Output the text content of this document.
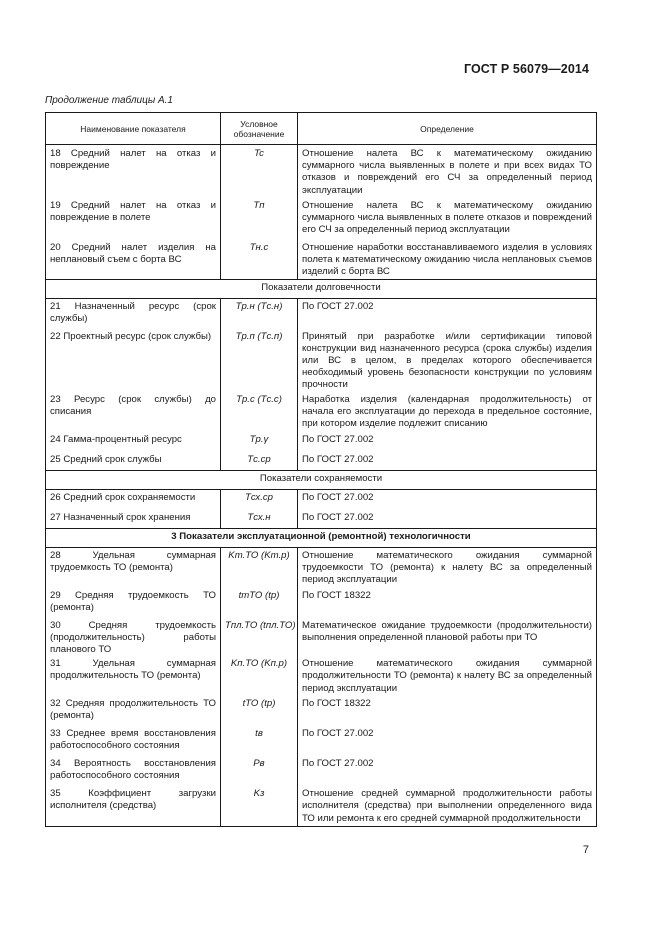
ГОСТ Р 56079—2014
Продолжение таблицы А.1
Наименование показателя	Условное обозначение	Определение
18 Средний налет на отказ и повреждение	Tc	Отношение налета ВС к математическому ожиданию суммарного числа выявленных в полете и при всех видах ТО отказов и повреждений его СЧ за определенный период эксплуатации
19 Средний налет на отказ и повреждение в полете	Tп	Отношение налета ВС к математическому ожиданию суммарного числа выявленных в полете отказов и повреждений его СЧ за определенный период эксплуатации
20 Средний налет изделия на неплановый съем с борта ВС	Tн.с	Отношение наработки восстанавливаемого изделия в условиях полета к математическому ожиданию числа неплановых съемов изделий с борта ВС
Показатели долговечности		
21 Назначенный ресурс (срок службы)	Tр.н (Tс.н)	По ГОСТ 27.002
22 Проектный ресурс (срок службы)	Tр.п (Tс.п)	Принятый при разработке и/или сертификации типовой конструкции вид назначенного ресурса (срока службы) изделия или ВС в целом, в пределах которого обеспечивается необходимый уровень безопасности конструкции по условиям прочности
23 Ресурс (срок службы) до списания	Tр.с (Tс.с)	Наработка изделия (календарная продолжительность) от начала его эксплуатации до перехода в предельное состояние, при котором изделие подлежит списанию
24 Гамма-процентный ресурс	Tр.γ	По ГОСТ 27.002
25 Средний срок службы	Tс.ср	По ГОСТ 27.002
Показатели сохраняемости		
26 Средний срок сохраняемости	Tсх.ср	По ГОСТ 27.002
27 Назначенный срок хранения	Tсх.н	По ГОСТ 27.002
3 Показатели эксплуатационной (ремонтной) технологичности		
28 Удельная суммарная трудоемкость ТО (ремонта)	Kт.ТО (Kт.р)	Отношение математического ожидания суммарной трудоемкости ТО (ремонта) к налету ВС за определенный период эксплуатации
29 Средняя трудоемкость ТО (ремонта)	tтТО (tр)	По ГОСТ 18322
30 Средняя трудоемкость (продолжительность) работы планового ТО	Tпл.ТО (tпл.ТО)	Математическое ожидание трудоемкости (продолжительности) выполнения определенной плановой работы при ТО
31 Удельная суммарная продолжительность ТО (ремонта)	Kп.ТО (Kп.р)	Отношение математического ожидания суммарной продолжительности ТО (ремонта) к налету ВС за определенный период эксплуатации
32 Средняя продолжительность ТО (ремонта)	tТО (tр)	По ГОСТ 18322
33 Среднее время восстановления работоспособного состояния	tв	По ГОСТ 27.002
34 Вероятность восстановления работоспособного состояния	Pв	По ГОСТ 27.002
35 Коэффициент загрузки исполнителя (средства)	Kз	Отношение средней суммарной продолжительности работы исполнителя (средства) при выполнении определенного вида ТО или ремонта к его средней суммарной продолжительности
7
